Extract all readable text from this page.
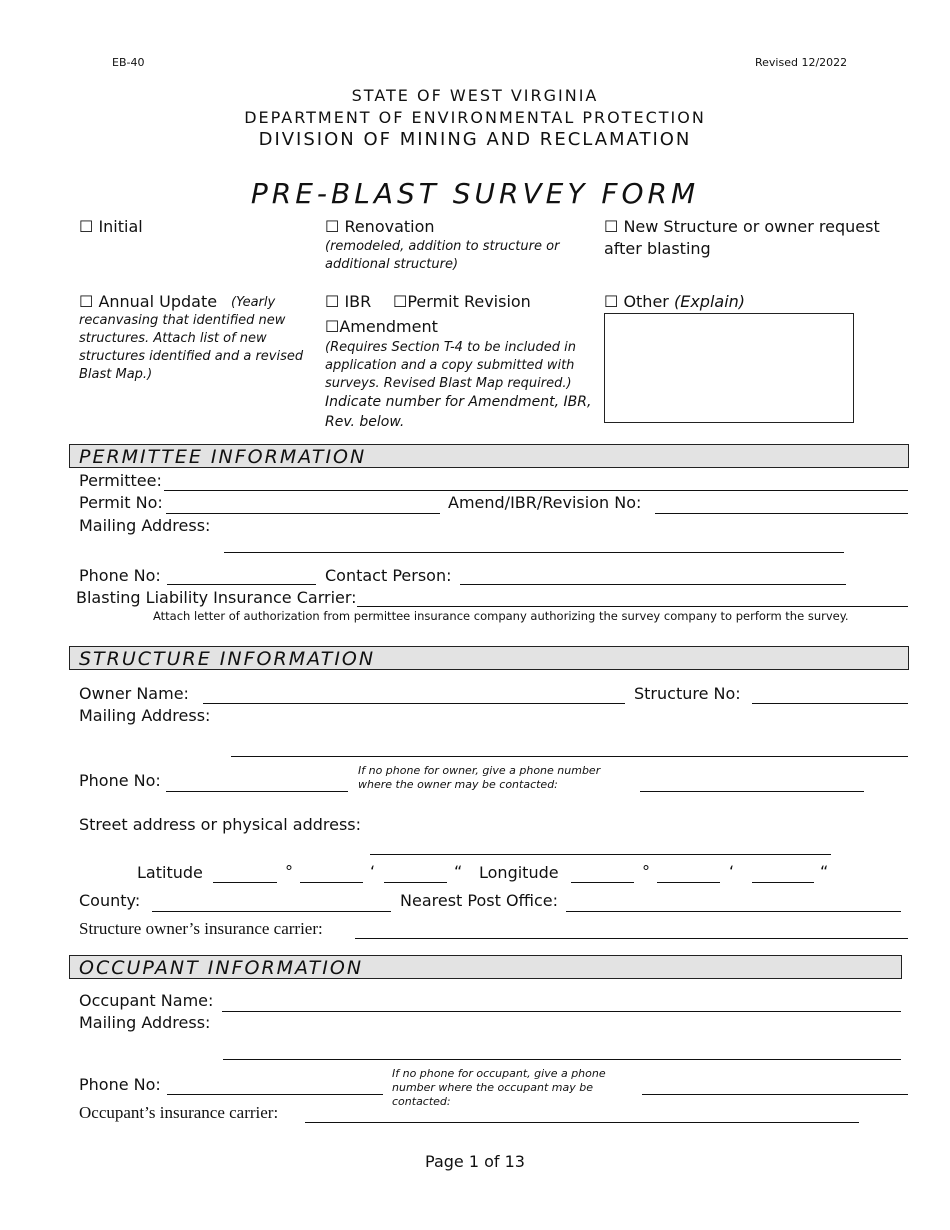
EB-40	Revised 12/2022
STATE OF WEST VIRGINIA
DEPARTMENT OF ENVIRONMENTAL PROTECTION
DIVISION OF MINING AND RECLAMATION
PRE-BLAST SURVEY FORM
☐ Initial	☐ Renovation
(remodeled, addition to structure or additional structure)
☐ New Structure or owner request
after blasting
☐ Annual Update	(Yearly recanvasing that identified new structures. Attach list of new structures identified and a revised Blast Map.)
☐ IBR ☐Permit Revision
☐Amendment
(Requires Section T-4 to be included in application and a copy submitted with surveys. Revised Blast Map required.)
Indicate number for Amendment, IBR, Rev. below.
☐ Other (Explain)
PERMITTEE INFORMATION
Permittee:
Permit No:	Amend/IBR/Revision No:
Mailing Address:
Phone No:	Contact Person:
Blasting Liability Insurance Carrier:
Attach letter of authorization from permittee insurance company authorizing the survey company to perform the survey.
STRUCTURE INFORMATION
Owner Name:	Structure No:
Mailing Address:
Phone No:
If no phone for owner, give a phone number where the owner may be contacted:
Street address or physical address:
Latitude	°	‘	“ Longitude	°	‘	“
County:	Nearest Post Office:
Structure owner’s insurance carrier:
OCCUPANT INFORMATION
Occupant Name:
Mailing Address:
Phone No:
If no phone for occupant, give a phone number where the occupant may be contacted:
Occupant’s insurance carrier:
Page 1 of 13
